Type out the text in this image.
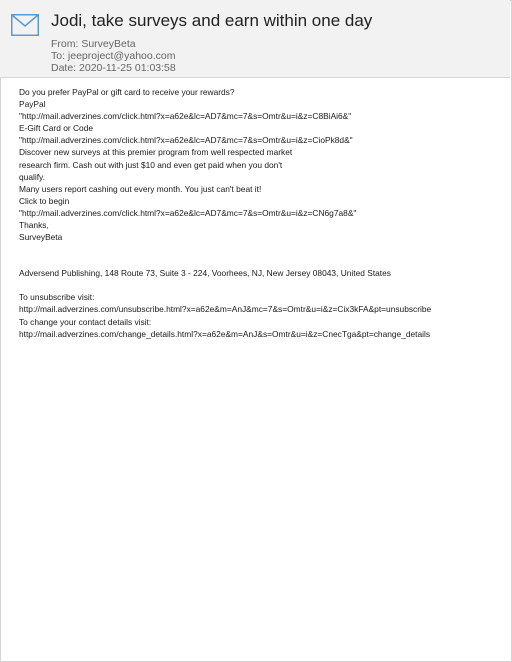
Jodi, take surveys and earn within one day
From: SurveyBeta
To: jeeproject@yahoo.com
Date: 2020-11-25 01:03:58
Do you prefer PayPal or gift card to receive your rewards?
PayPal
"http://mail.adverzines.com/click.html?x=a62e&lc=AD7&mc=7&s=Omtr&u=i&z=C8BiAi6&"
E-Gift Card or Code
"http://mail.adverzines.com/click.html?x=a62e&lc=AD7&mc=7&s=Omtr&u=i&z=CioPk8d&"
Discover new surveys at this premier program from well respected market
research firm. Cash out with just $10 and even get paid when you don't
qualify.
Many users report cashing out every month. You just can't beat it!
Click to begin
"http://mail.adverzines.com/click.html?x=a62e&lc=AD7&mc=7&s=Omtr&u=i&z=CN6g7a8&"
Thanks,
SurveyBeta
Adversend Publishing, 148 Route 73, Suite 3 - 224, Voorhees, NJ, New Jersey 08043, United States
To unsubscribe visit:
http://mail.adverzines.com/unsubscribe.html?x=a62e&m=AnJ&mc=7&s=Omtr&u=i&z=Cix3kFA&pt=unsubscribe
To change your contact details visit:
http://mail.adverzines.com/change_details.html?x=a62e&m=AnJ&s=Omtr&u=i&z=CnecTga&pt=change_details
